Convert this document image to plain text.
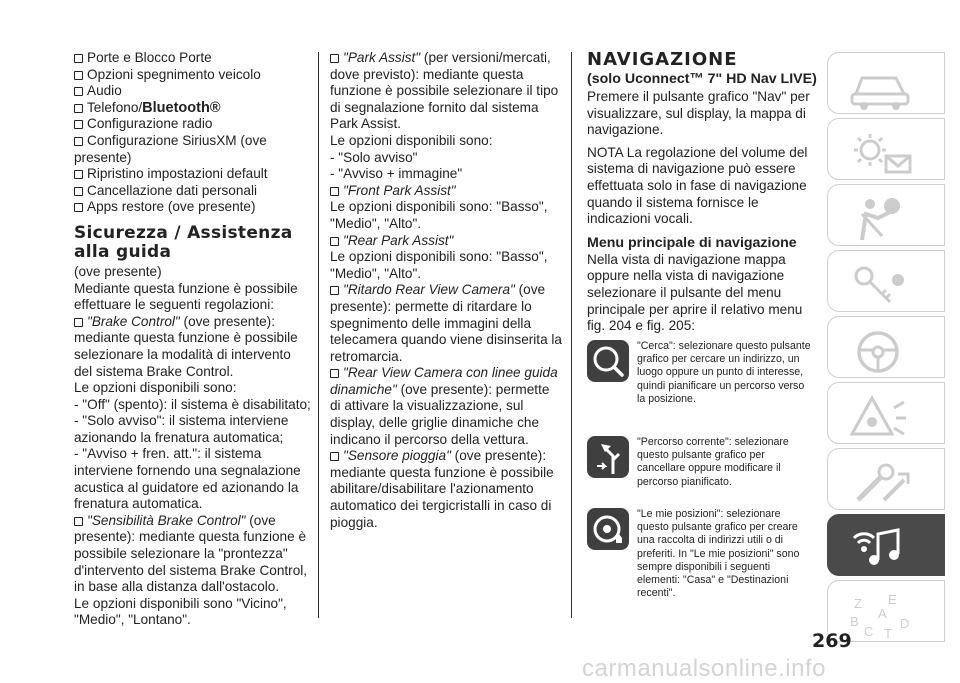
Porte e Blocco Porte
Opzioni spegnimento veicolo
Audio
Telefono/Bluetooth®
Configurazione radio
Configurazione SiriusXM (ove presente)
Ripristino impostazioni default
Cancellazione dati personali
Apps restore (ove presente)
Sicurezza / Assistenza alla guida
(ove presente)
Mediante questa funzione è possibile effettuare le seguenti regolazioni:
"Brake Control" (ove presente): mediante questa funzione è possibile selezionare la modalità di intervento del sistema Brake Control.
Le opzioni disponibili sono:
- "Off" (spento): il sistema è disabilitato;
- "Solo avviso": il sistema interviene azionando la frenatura automatica;
- "Avviso + fren. att.": il sistema interviene fornendo una segnalazione acustica al guidatore ed azionando la frenatura automatica.
"Sensibilità Brake Control" (ove presente): mediante questa funzione è possibile selezionare la "prontezza" d'intervento del sistema Brake Control, in base alla distanza dall'ostacolo.
Le opzioni disponibili sono "Vicino", "Medio", "Lontano".
"Park Assist" (per versioni/mercati, dove previsto): mediante questa funzione è possibile selezionare il tipo di segnalazione fornito dal sistema Park Assist.
Le opzioni disponibili sono:
- "Solo avviso"
- "Avviso + immagine"
"Front Park Assist"
Le opzioni disponibili sono: "Basso", "Medio", "Alto".
"Rear Park Assist"
Le opzioni disponibili sono: "Basso", "Medio", "Alto".
"Ritardo Rear View Camera" (ove presente): permette di ritardare lo spegnimento delle immagini della telecamera quando viene disinserita la retromarcia.
"Rear View Camera con linee guida dinamiche" (ove presente): permette di attivare la visualizzazione, sul display, delle griglie dinamiche che indicano il percorso della vettura.
"Sensore pioggia" (ove presente): mediante questa funzione è possibile abilitare/disabilitare l'azionamento automatico dei tergicristalli in caso di pioggia.
NAVIGAZIONE
(solo Uconnect™ 7" HD Nav LIVE)
Premere il pulsante grafico "Nav" per visualizzare, sul display, la mappa di navigazione.
NOTA La regolazione del volume del sistema di navigazione può essere effettuata solo in fase di navigazione quando il sistema fornisce le indicazioni vocali.
Menu principale di navigazione
Nella vista di navigazione mappa oppure nella vista di navigazione selezionare il pulsante del menu principale per aprire il relativo menu fig. 204 e fig. 205:
"Cerca": selezionare questo pulsante grafico per cercare un indirizzo, un luogo oppure un punto di interesse, quindi pianificare un percorso verso la posizione.
"Percorso corrente": selezionare questo pulsante grafico per cancellare oppure modificare il percorso pianificato.
"Le mie posizioni": selezionare questo pulsante grafico per creare una raccolta di indirizzi utili o di preferiti. In "Le mie posizioni" sono sempre disponibili i seguenti elementi: "Casa" e "Destinazioni recenti".
Z E
A
B
C
D
T
269
carmanualsonline.info
